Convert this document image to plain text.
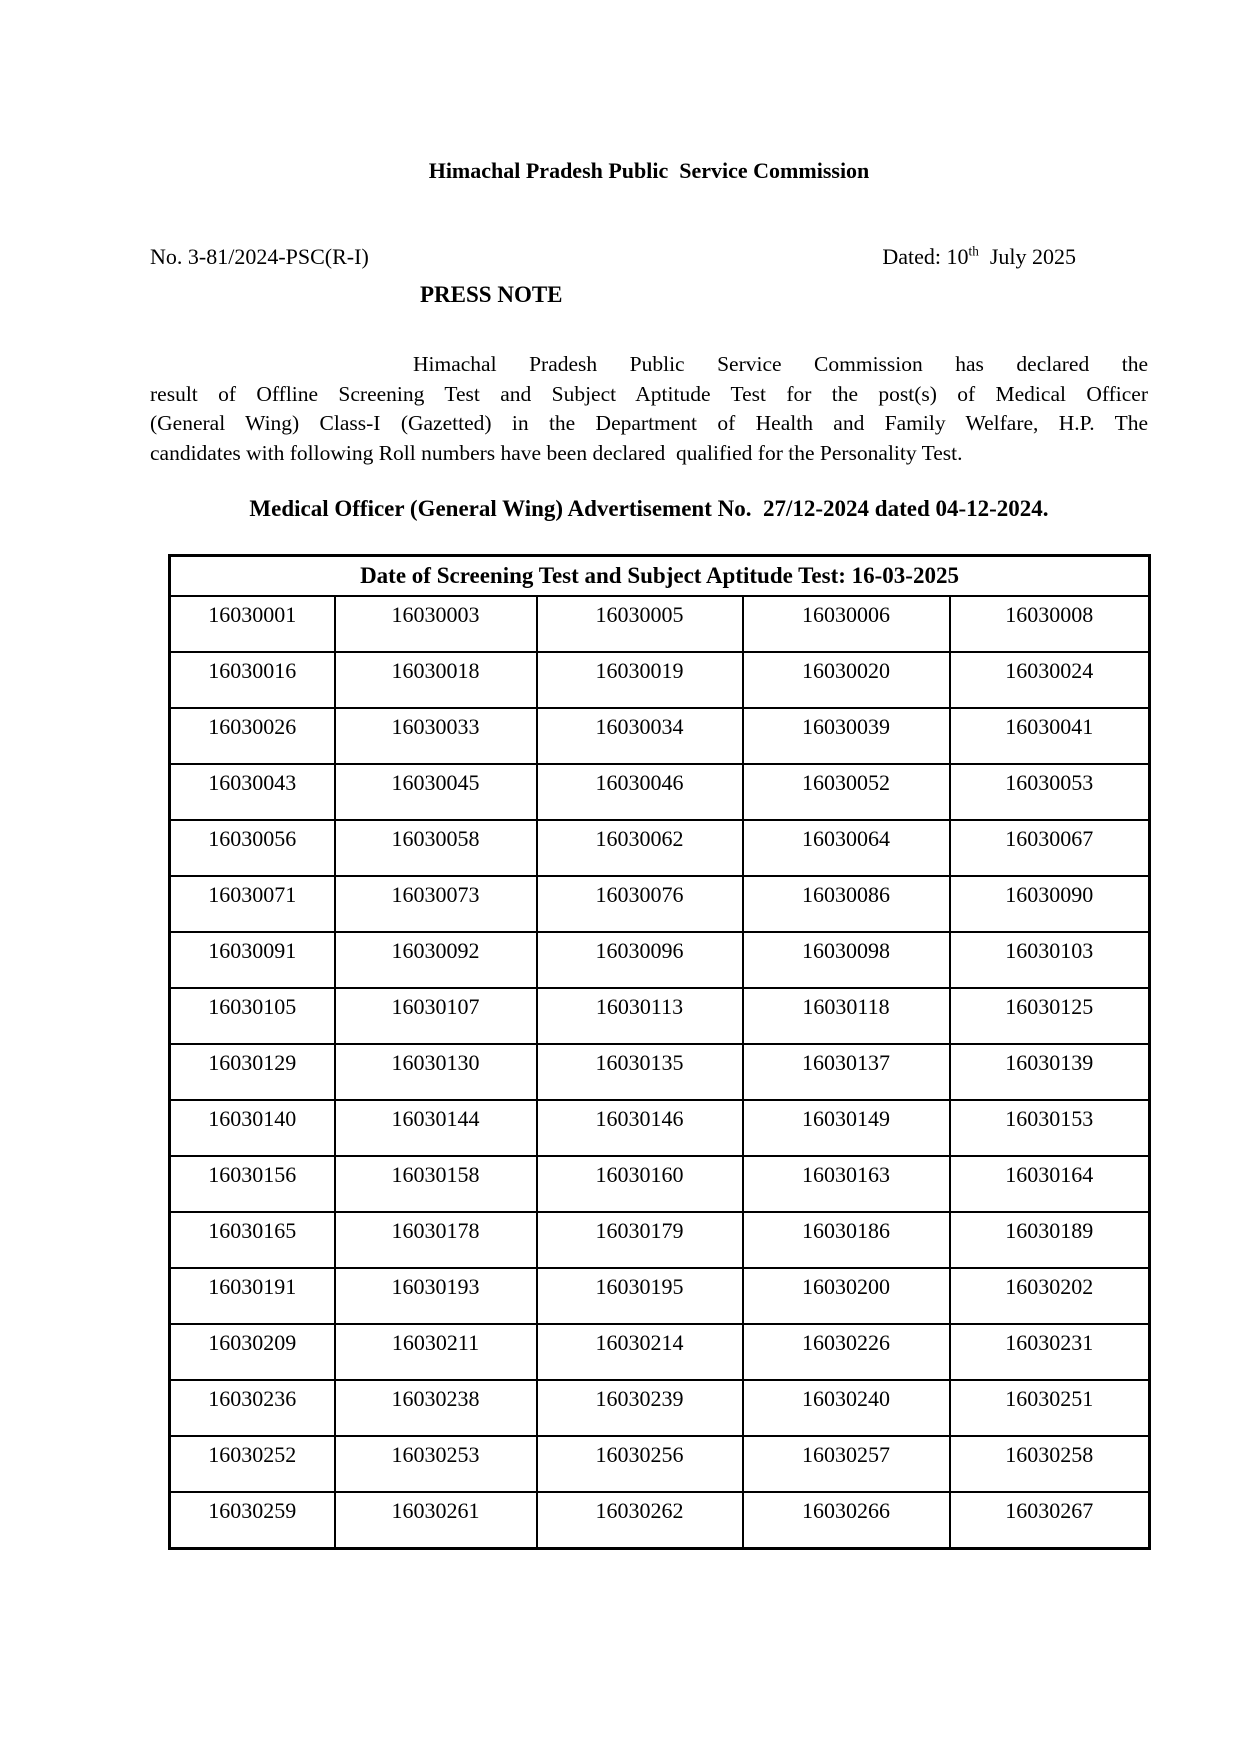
Himachal Pradesh Public  Service Commission
No. 3-81/2024-PSC(R-I)	Dated: 10th  July 2025
PRESS NOTE
Himachal Pradesh Public Service Commission has declared the
result of Offline Screening Test and Subject Aptitude Test for the post(s) of Medical Officer
(General Wing) Class-I (Gazetted) in the Department of Health and Family Welfare, H.P. The
candidates with following Roll numbers have been declared  qualified for the Personality Test.
Medical Officer (General Wing) Advertisement No.  27/12-2024 dated 04-12-2024.
Date of Screening Test and Subject Aptitude Test: 16-03-2025				
16030001	16030003	16030005	16030006	16030008
16030016	16030018	16030019	16030020	16030024
16030026	16030033	16030034	16030039	16030041
16030043	16030045	16030046	16030052	16030053
16030056	16030058	16030062	16030064	16030067
16030071	16030073	16030076	16030086	16030090
16030091	16030092	16030096	16030098	16030103
16030105	16030107	16030113	16030118	16030125
16030129	16030130	16030135	16030137	16030139
16030140	16030144	16030146	16030149	16030153
16030156	16030158	16030160	16030163	16030164
16030165	16030178	16030179	16030186	16030189
16030191	16030193	16030195	16030200	16030202
16030209	16030211	16030214	16030226	16030231
16030236	16030238	16030239	16030240	16030251
16030252	16030253	16030256	16030257	16030258
16030259	16030261	16030262	16030266	16030267
